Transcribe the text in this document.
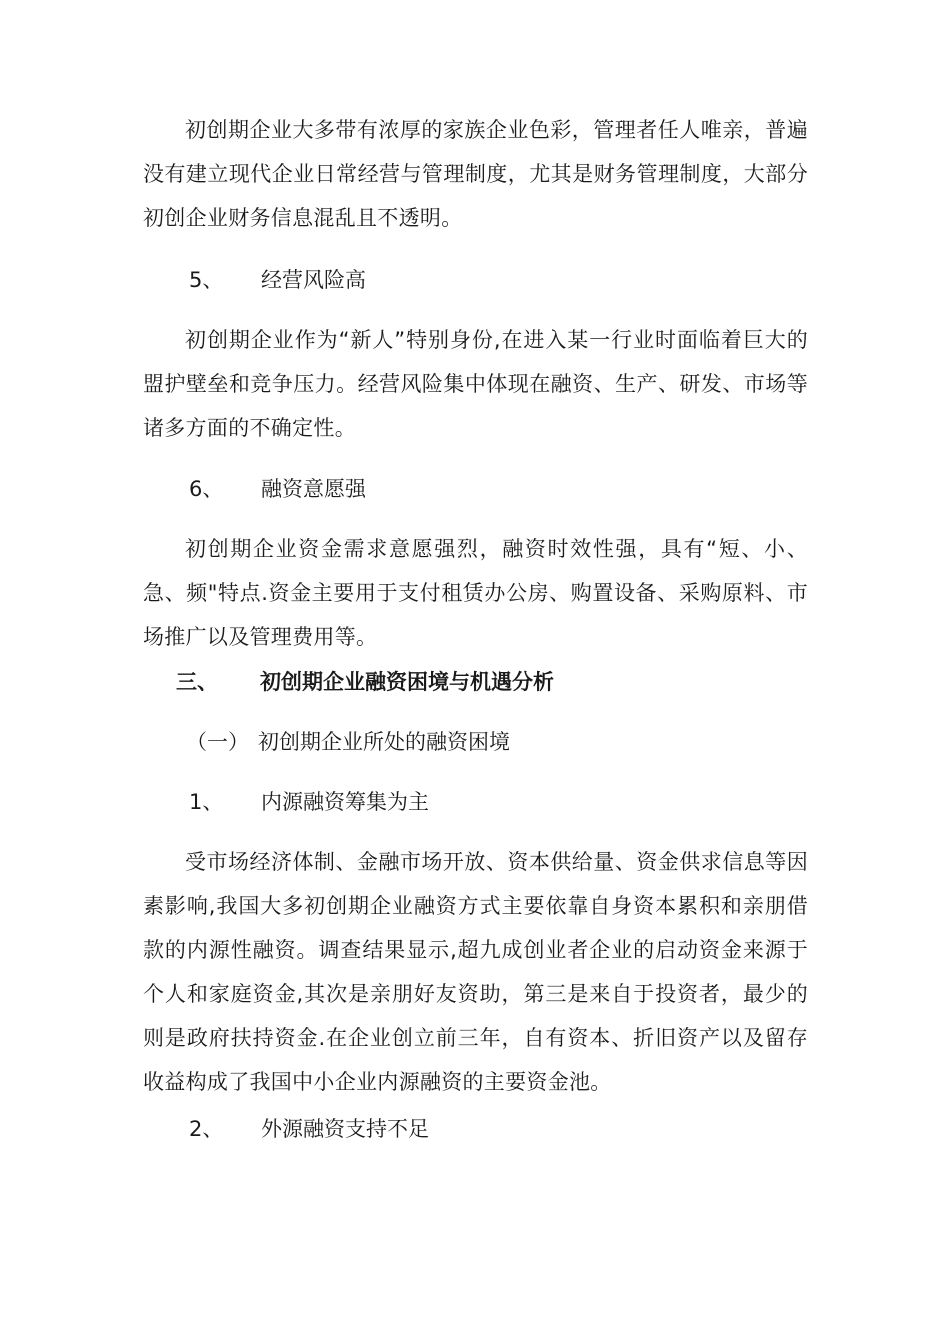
初创期企业大多带有浓厚的家族企业色彩，管理者任人唯亲，普遍没有建立现代企业日常经营与管理制度，尤其是财务管理制度，大部分初创企业财务信息混乱且不透明。

5、	经营风险高

初创期企业作为“新人”特别身份,在进入某一行业时面临着巨大的盟护壁垒和竞争压力。经营风险集中体现在融资、生产、研发、市场等诸多方面的不确定性。

6、	融资意愿强

初创期企业资金需求意愿强烈，融资时效性强，具有“短、小、急、频"特点.资金主要用于支付租赁办公房、购置设备、采购原料、市场推广以及管理费用等。

三、	初创期企业融资困境与机遇分析
（一） 初创期企业所处的融资困境
1、	内源融资筹集为主

受市场经济体制、金融市场开放、资本供给量、资金供求信息等因素影响,我国大多初创期企业融资方式主要依靠自身资本累积和亲朋借款的内源性融资。调查结果显示,超九成创业者企业的启动资金来源于个人和家庭资金,其次是亲朋好友资助，第三是来自于投资者，最少的则是政府扶持资金.在企业创立前三年，自有资本、折旧资产以及留存收益构成了我国中小企业内源融资的主要资金池。

2、	外源融资支持不足
